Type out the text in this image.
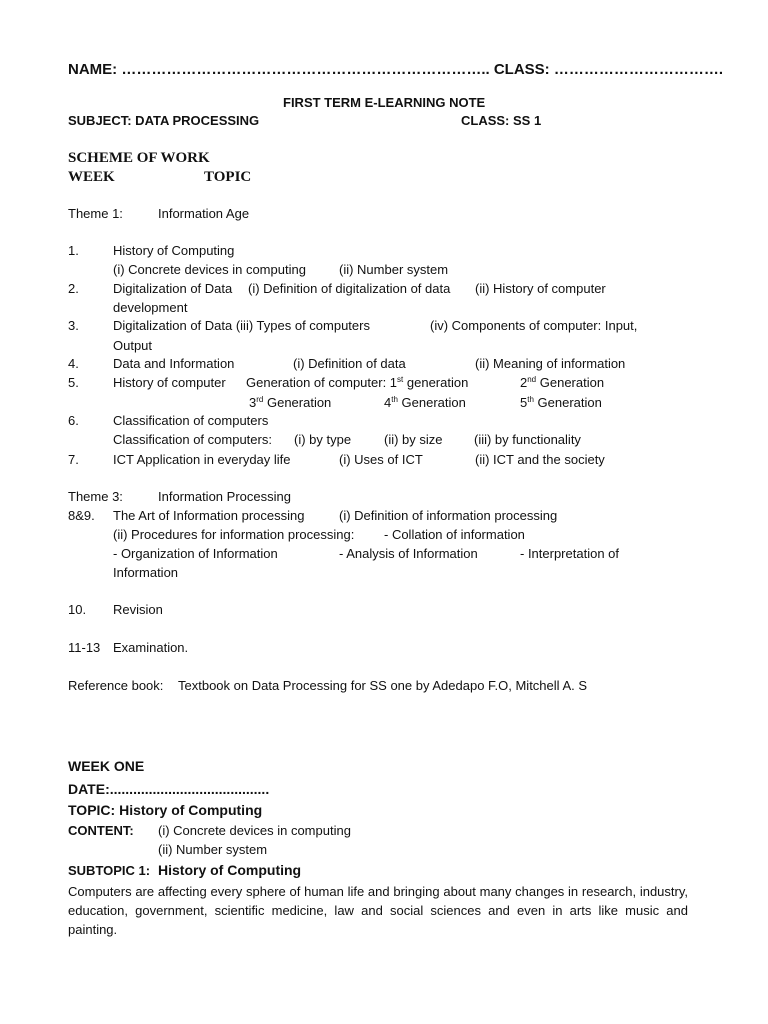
NAME: ……………………………………………………………….. CLASS: …………………………….
FIRST TERM E-LEARNING NOTE
SUBJECT: DATA PROCESSING	CLASS: SS 1
SCHEME OF WORK
WEEK	TOPIC
Theme 1:	Information Age
1.	History of Computing
(i) Concrete devices in computing	(ii) Number system
2.	Digitalization of Data (i) Definition of digitalization of data (ii) History of computer
development
3.	Digitalization of Data (iii) Types of computers	(iv) Components of computer: Input,
Output
4.	Data and Information	(i) Definition of data	(ii) Meaning of information
5.	History of computer Generation of computer: 1st generation	2nd Generation
3rd Generation	4th Generation	5th Generation
6.	Classification of computers
Classification of computers: (i) by type	(ii) by size (iii) by functionality
7.	ICT Application in everyday life	(i) Uses of ICT	(ii) ICT and the society
Theme 3:	Information Processing
8&9. The Art of Information processing	(i) Definition of information processing
(ii) Procedures for information processing: - Collation of information
- Organization of Information	- Analysis of Information	- Interpretation of
Information
10. Revision
11-13 Examination.
Reference book: Textbook on Data Processing for SS one by Adedapo F.O, Mitchell A. S
WEEK ONE
DATE:.........................................
TOPIC: History of Computing
CONTENT: (i) Concrete devices in computing
(ii) Number system
SUBTOPIC 1: History of Computing
Computers are affecting every sphere of human life and bringing about many changes in research, industry, education, government, scientific medicine, law and social sciences and even in arts like music and painting.
